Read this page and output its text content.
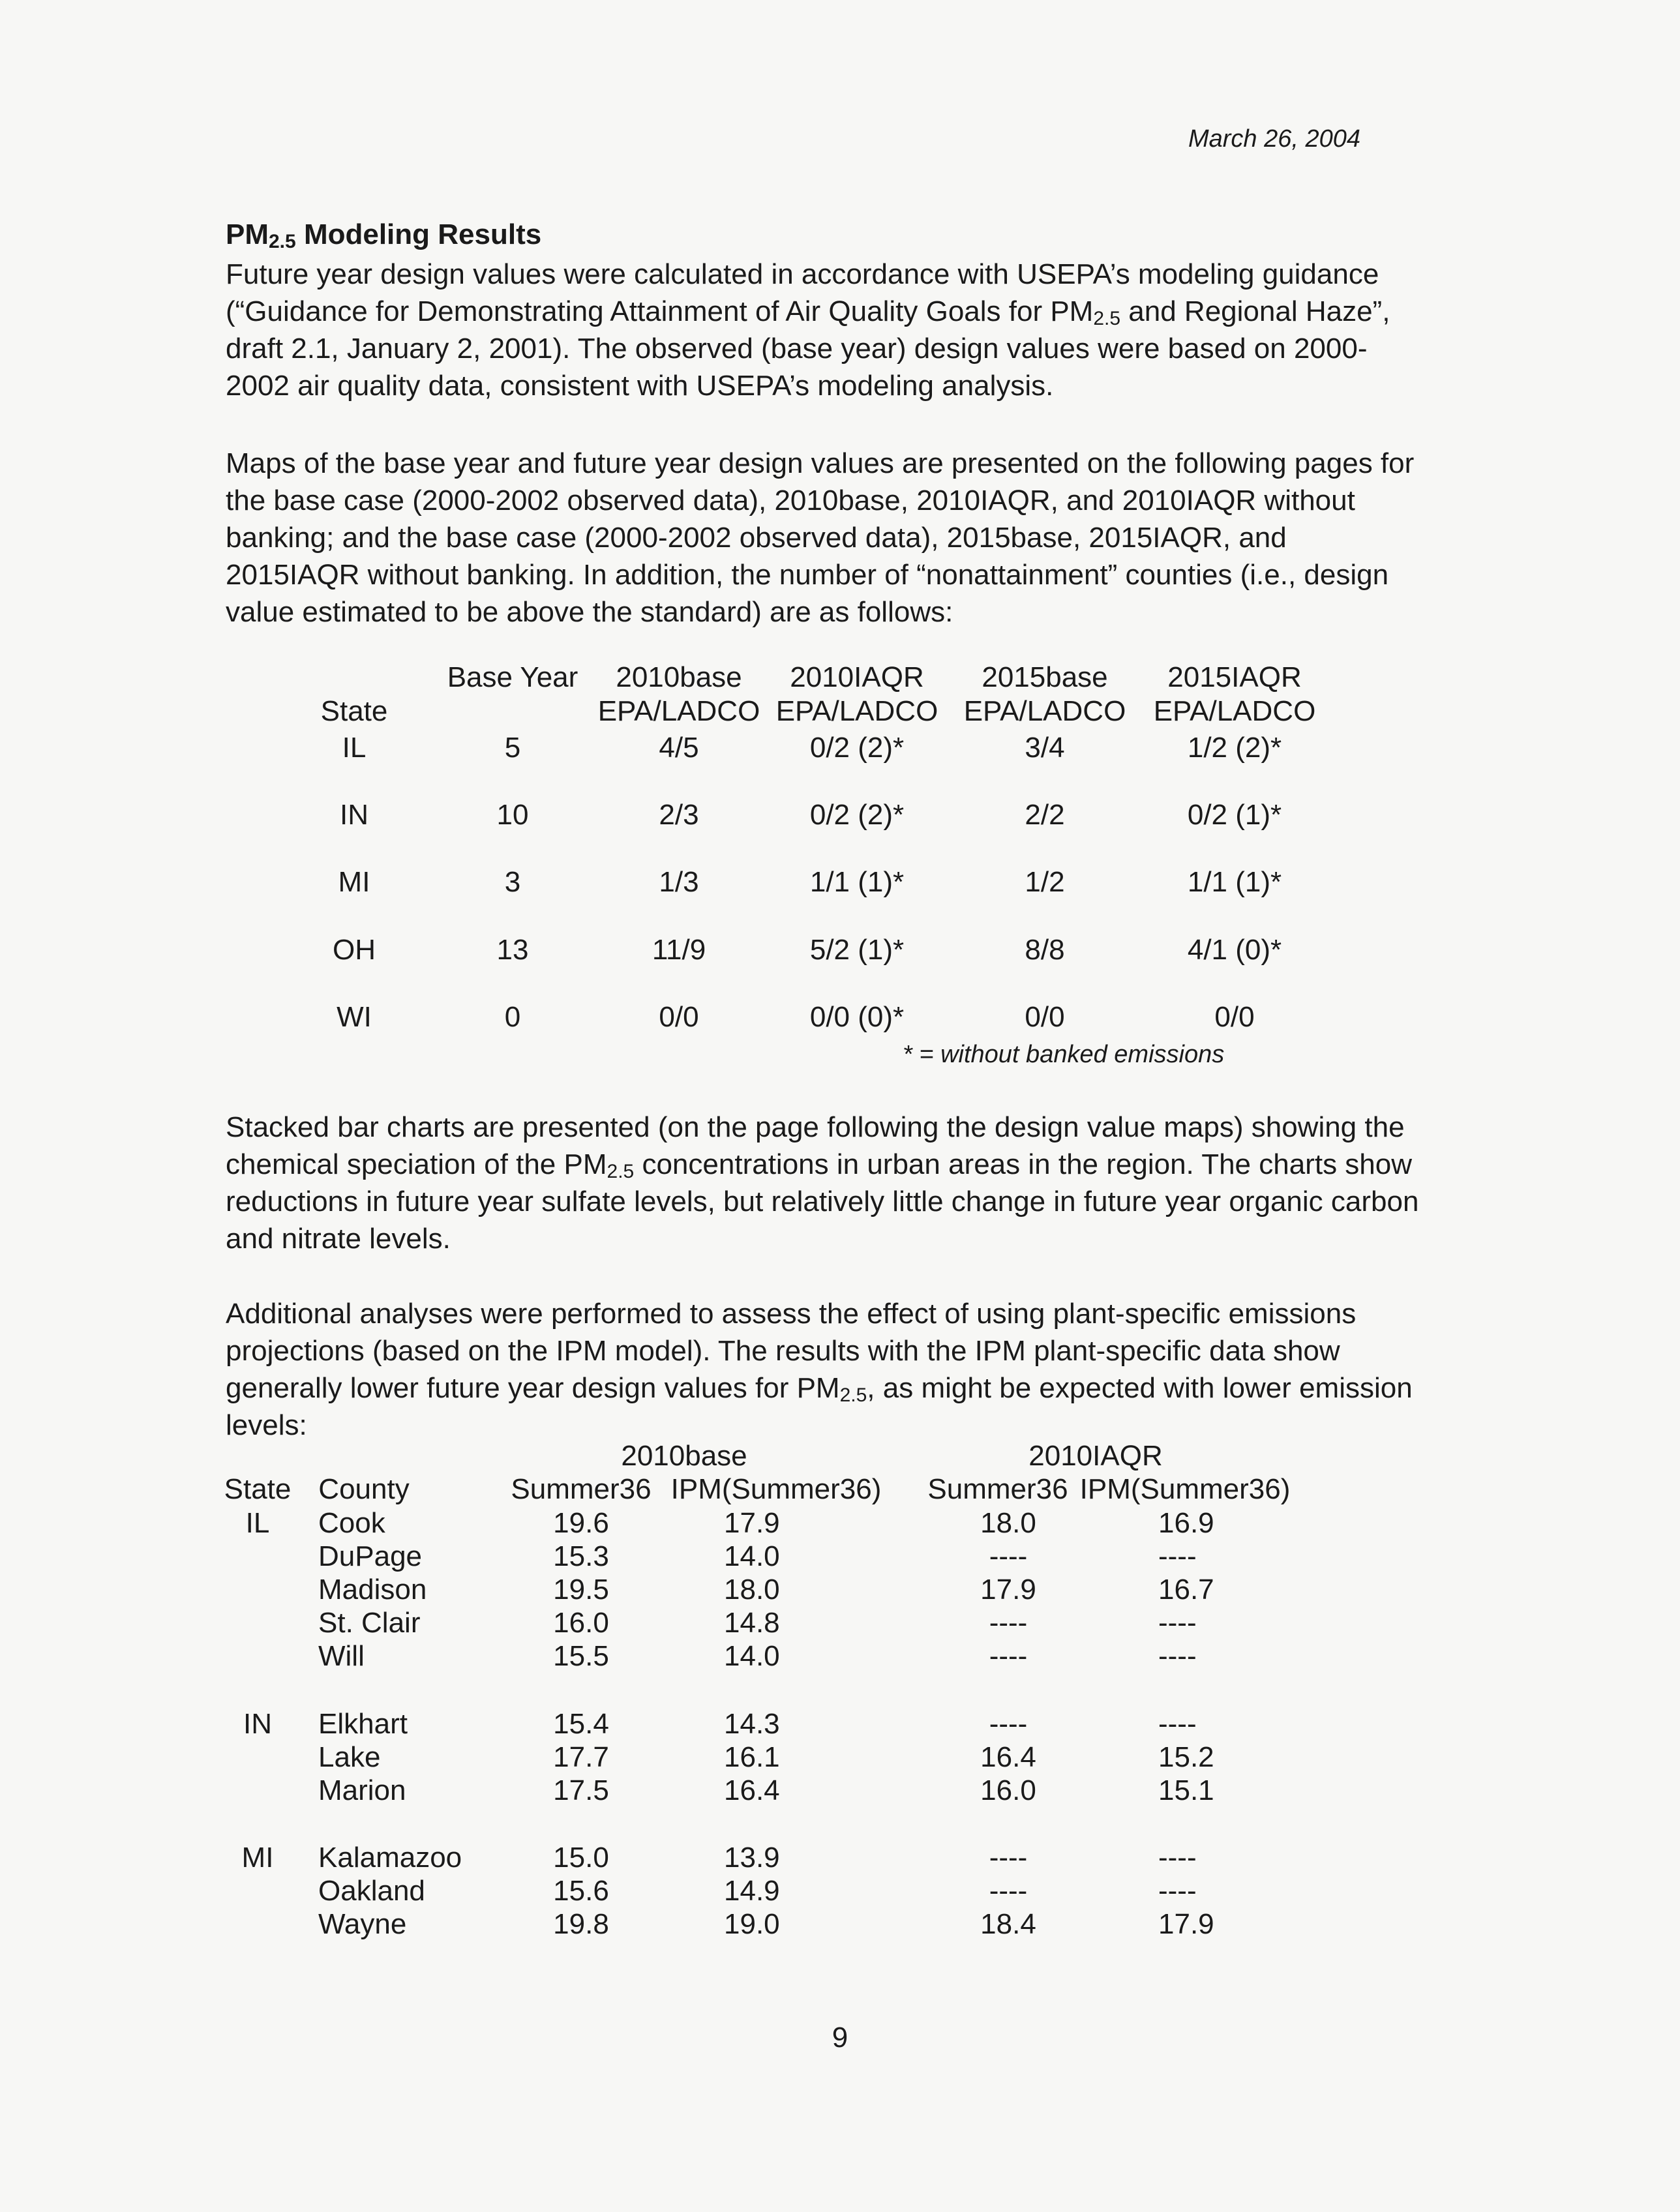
March 26, 2004
$PM_{2.5}$ Modeling Results
Future year design values were calculated in accordance with USEPA’s modeling guidance (“Guidance for Demonstrating Attainment of Air Quality Goals for $PM_{2.5}$ and Regional Haze”, draft 2.1, January 2, 2001). The observed (base year) design values were based on 2000-2002 air quality data, consistent with USEPA’s modeling analysis.
Maps of the base year and future year design values are presented on the following pages for the base case (2000-2002 observed data), 2010base, 2010IAQR, and 2010IAQR without banking; and the base case (2000-2002 observed data), 2015base, 2015IAQR, and 2015IAQR without banking. In addition, the number of “nonattainment” counties (i.e., design value estimated to be above the standard) are as follows:
Base Year 2010base 2010IAQR 2015base 2015IAQR
State	EPA/LADCO EPA/LADCO EPA/LADCO EPA/LADCO
IL	5	4/5	0/2 (2)*	3/4	1/2 (2)*
IN	10	2/3	0/2 (2)*	2/2	0/2 (1)*
MI	3	1/3	1/1 (1)*	1/2	1/1 (1)*
OH	13	11/9	5/2 (1)*	8/8	4/1 (0)*
WI	0	0/0	0/0 (0)*	0/0	0/0
* = without banked emissions
Stacked bar charts are presented (on the page following the design value maps) showing the chemical speciation of the $PM_{2.5}$ concentrations in urban areas in the region. The charts show reductions in future year sulfate levels, but relatively little change in future year organic carbon and nitrate levels.
Additional analyses were performed to assess the effect of using plant-specific emissions projections (based on the IPM model). The results with the IPM plant-specific data show generally lower future year design values for $PM_{2.5}$, as might be expected with lower emission levels:
2010base	2010IAQR
State County	Summer36 IPM(Summer36) Summer36 IPM(Summer36)
IL Cook	19.6	17.9	18.0	16.9
DuPage	15.3	14.0	----	----
Madison	19.5	18.0	17.9	16.7
St. Clair	16.0	14.8	----	----
Will	15.5	14.0	----	----
IN Elkhart	15.4	14.3	----	----
Lake	17.7	16.1	16.4	15.2
Marion	17.5	16.4	16.0	15.1
MI Kalamazoo	15.0	13.9	----	----
Oakland	15.6	14.9	----	----
Wayne	19.8	19.0	18.4	17.9
9
